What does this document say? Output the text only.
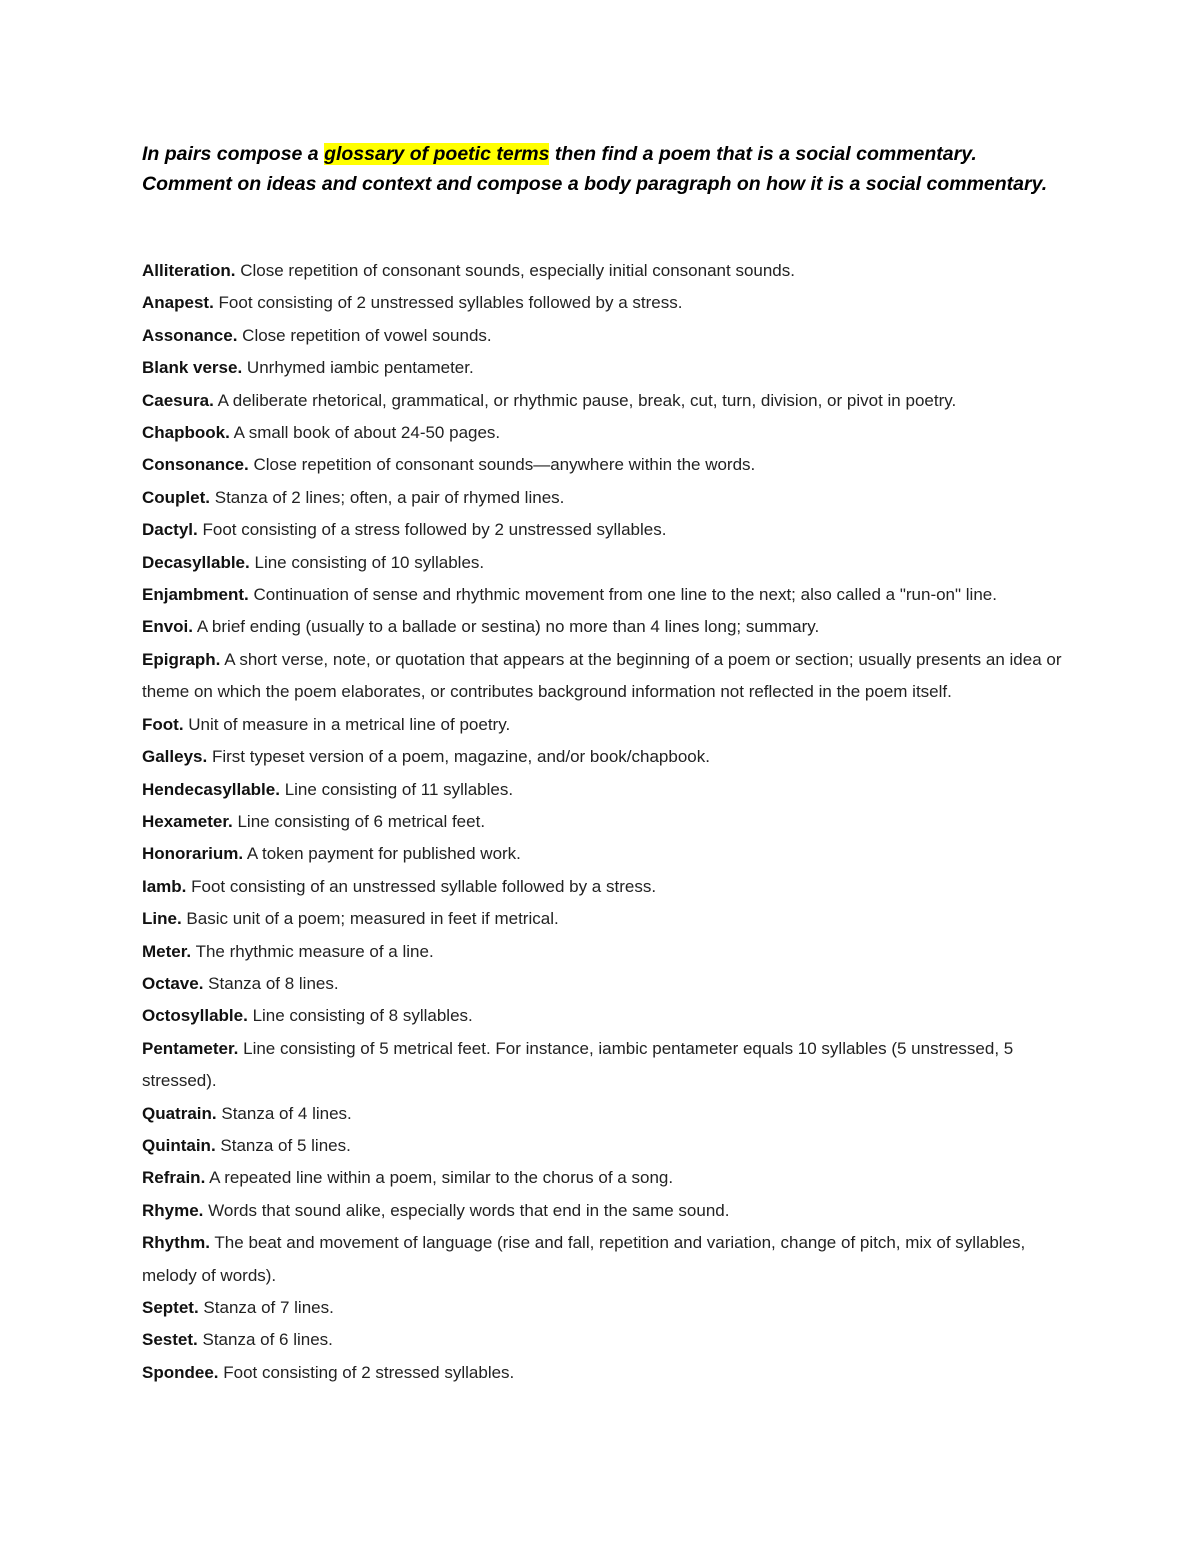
In pairs compose a glossary of poetic terms then find a poem that is a social commentary. Comment on ideas and context and compose a body paragraph on how it is a social commentary.

Alliteration. Close repetition of consonant sounds, especially initial consonant sounds.
Anapest. Foot consisting of 2 unstressed syllables followed by a stress.
Assonance. Close repetition of vowel sounds.
Blank verse. Unrhymed iambic pentameter.
Caesura. A deliberate rhetorical, grammatical, or rhythmic pause, break, cut, turn, division, or pivot in poetry.
Chapbook. A small book of about 24-50 pages.
Consonance. Close repetition of consonant sounds—anywhere within the words.
Couplet. Stanza of 2 lines; often, a pair of rhymed lines.
Dactyl. Foot consisting of a stress followed by 2 unstressed syllables.
Decasyllable. Line consisting of 10 syllables.
Enjambment. Continuation of sense and rhythmic movement from one line to the next; also called a "run-on" line.
Envoi. A brief ending (usually to a ballade or sestina) no more than 4 lines long; summary.
Epigraph. A short verse, note, or quotation that appears at the beginning of a poem or section; usually presents an idea or theme on which the poem elaborates, or contributes background information not reflected in the poem itself.
Foot. Unit of measure in a metrical line of poetry.
Galleys. First typeset version of a poem, magazine, and/or book/chapbook.
Hendecasyllable. Line consisting of 11 syllables.
Hexameter. Line consisting of 6 metrical feet.
Honorarium. A token payment for published work.
Iamb. Foot consisting of an unstressed syllable followed by a stress.
Line. Basic unit of a poem; measured in feet if metrical.
Meter. The rhythmic measure of a line.
Octave. Stanza of 8 lines.
Octosyllable. Line consisting of 8 syllables.
Pentameter. Line consisting of 5 metrical feet. For instance, iambic pentameter equals 10 syllables (5 unstressed, 5 stressed).
Quatrain. Stanza of 4 lines.
Quintain. Stanza of 5 lines.
Refrain. A repeated line within a poem, similar to the chorus of a song.
Rhyme. Words that sound alike, especially words that end in the same sound.
Rhythm. The beat and movement of language (rise and fall, repetition and variation, change of pitch, mix of syllables, melody of words).
Septet. Stanza of 7 lines.
Sestet. Stanza of 6 lines.
Spondee. Foot consisting of 2 stressed syllables.
